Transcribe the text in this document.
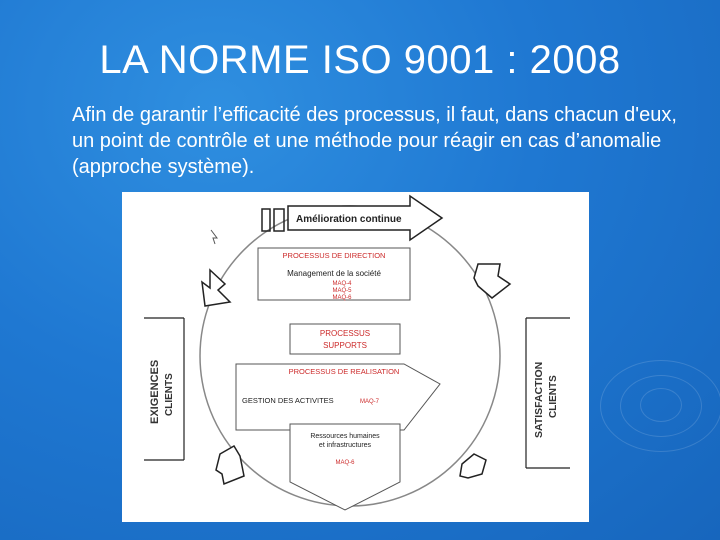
LA NORME ISO 9001 : 2008
Afin de garantir l’efficacité des processus, il faut, dans chacun d'eux, un point de contrôle et une méthode pour réagir en cas d’anomalie (approche système).
Amélioration continue
PROCESSUS DE DIRECTION
Management de la société
MAQ-4
MAQ-5
MAQ-6
PROCESSUS
SUPPORTS
PROCESSUS DE REALISATION
GESTION DES ACTIVITES	MAQ-7
Ressources humaines
et infrastructures
MAQ-6
EXIGENCES CLIENTS	SATISFACTION CLIENTS
